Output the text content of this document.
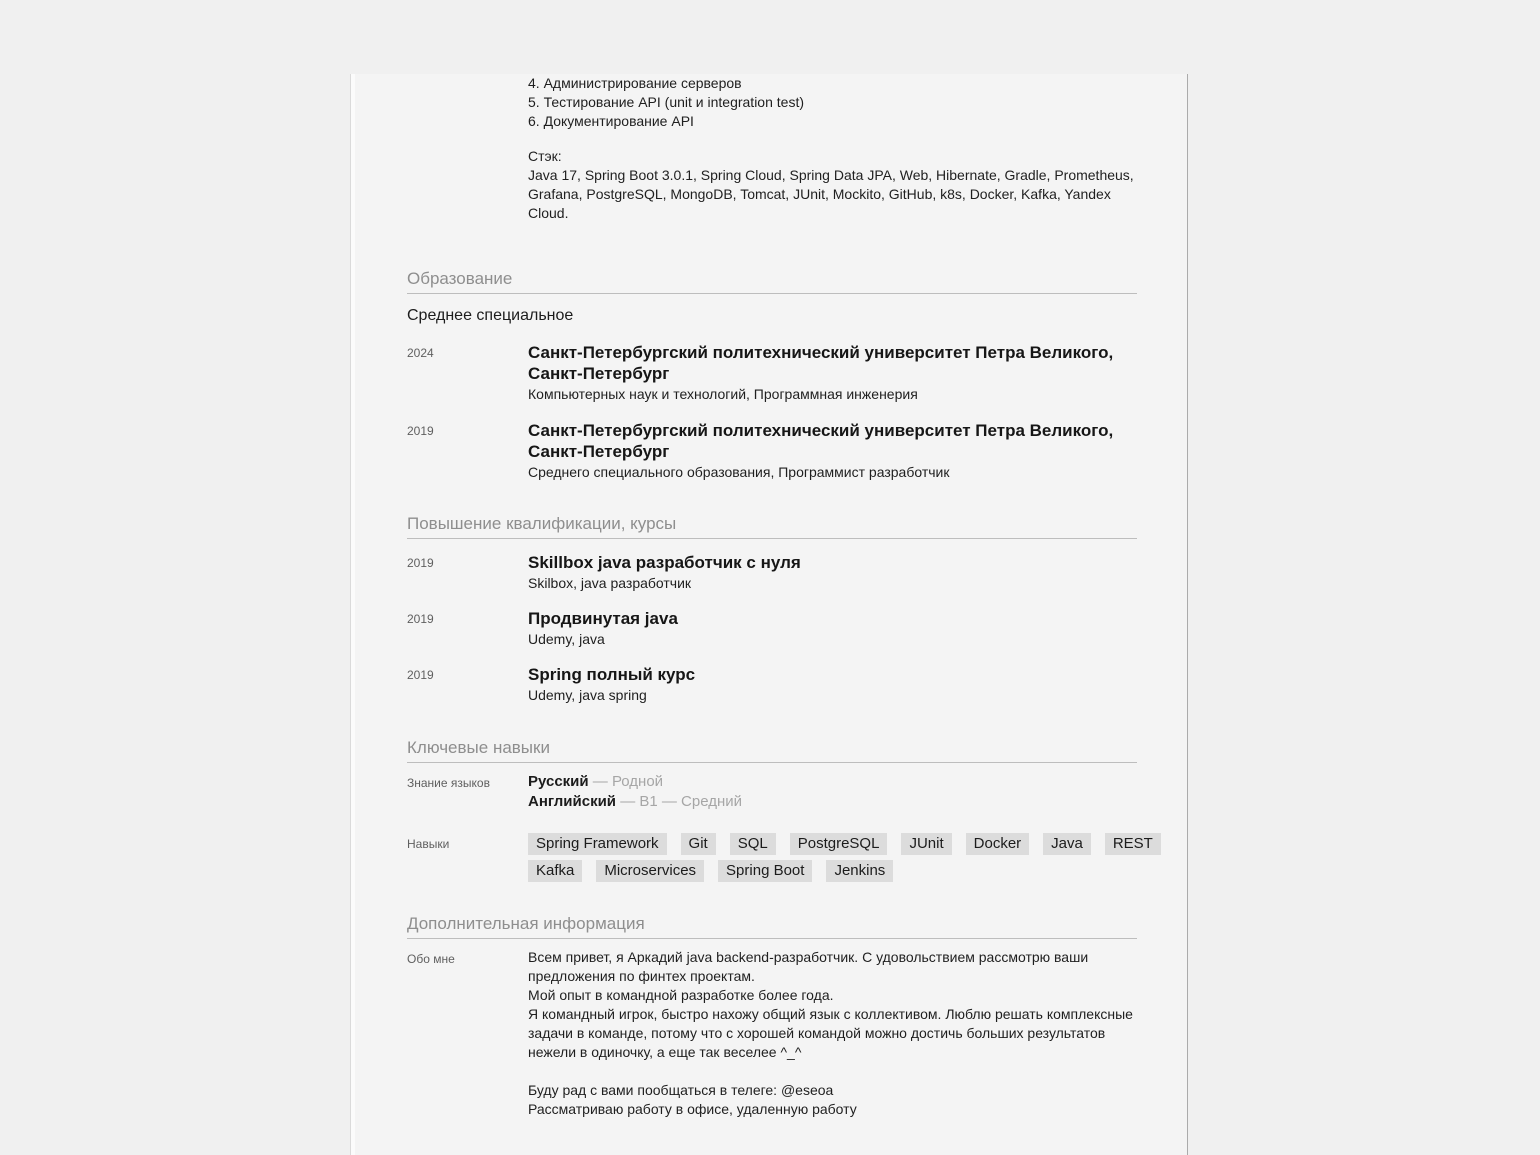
4. Администрирование серверов
5. Тестирование API (unit и integration test)
6. Документирование API
Стэк:
Java 17, Spring Boot 3.0.1, Spring Cloud, Spring Data JPA, Web, Hibernate, Gradle, Prometheus, Grafana, PostgreSQL, MongoDB, Tomcat, JUnit, Mockito, GitHub, k8s, Docker, Kafka, Yandex Cloud.
Образование
Среднее специальное
2024	Санкт-Петербургский политехнический университет Петра Великого, Санкт-Петербург
Компьютерных наук и технологий, Программная инженерия
2019	Санкт-Петербургский политехнический университет Петра Великого, Санкт-Петербург
Среднего специального образования, Программист разработчик
Повышение квалификации, курсы
2019	Skillbox java разработчик с нуля
Skilbox, java разработчик
2019	Продвинутая java
Udemy, java
2019	Spring полный курс
Udemy, java spring
Ключевые навыки
Знание языков	Русский — Родной
Английский — B1 — Средний
Навыки	Spring Framework	Git	SQL	PostgreSQL	JUnit	Docker	Java	REST
Kafka	Microservices	Spring Boot	Jenkins
Дополнительная информация
Обо мне	Всем привет, я Аркадий java backend-разработчик. С удовольствием рассмотрю ваши предложения по финтех проектам.

Мой опыт в командной разработке более года.

Я командный игрок, быстро нахожу общий язык с коллективом. Люблю решать комплексные задачи в команде, потому что с хорошей командой можно достичь больших результатов нежели в одиночку, а еще так веселее ^_^

Буду рад с вами пообщаться в телеге: @eseoa

Рассматриваю работу в офисе, удаленную работу
